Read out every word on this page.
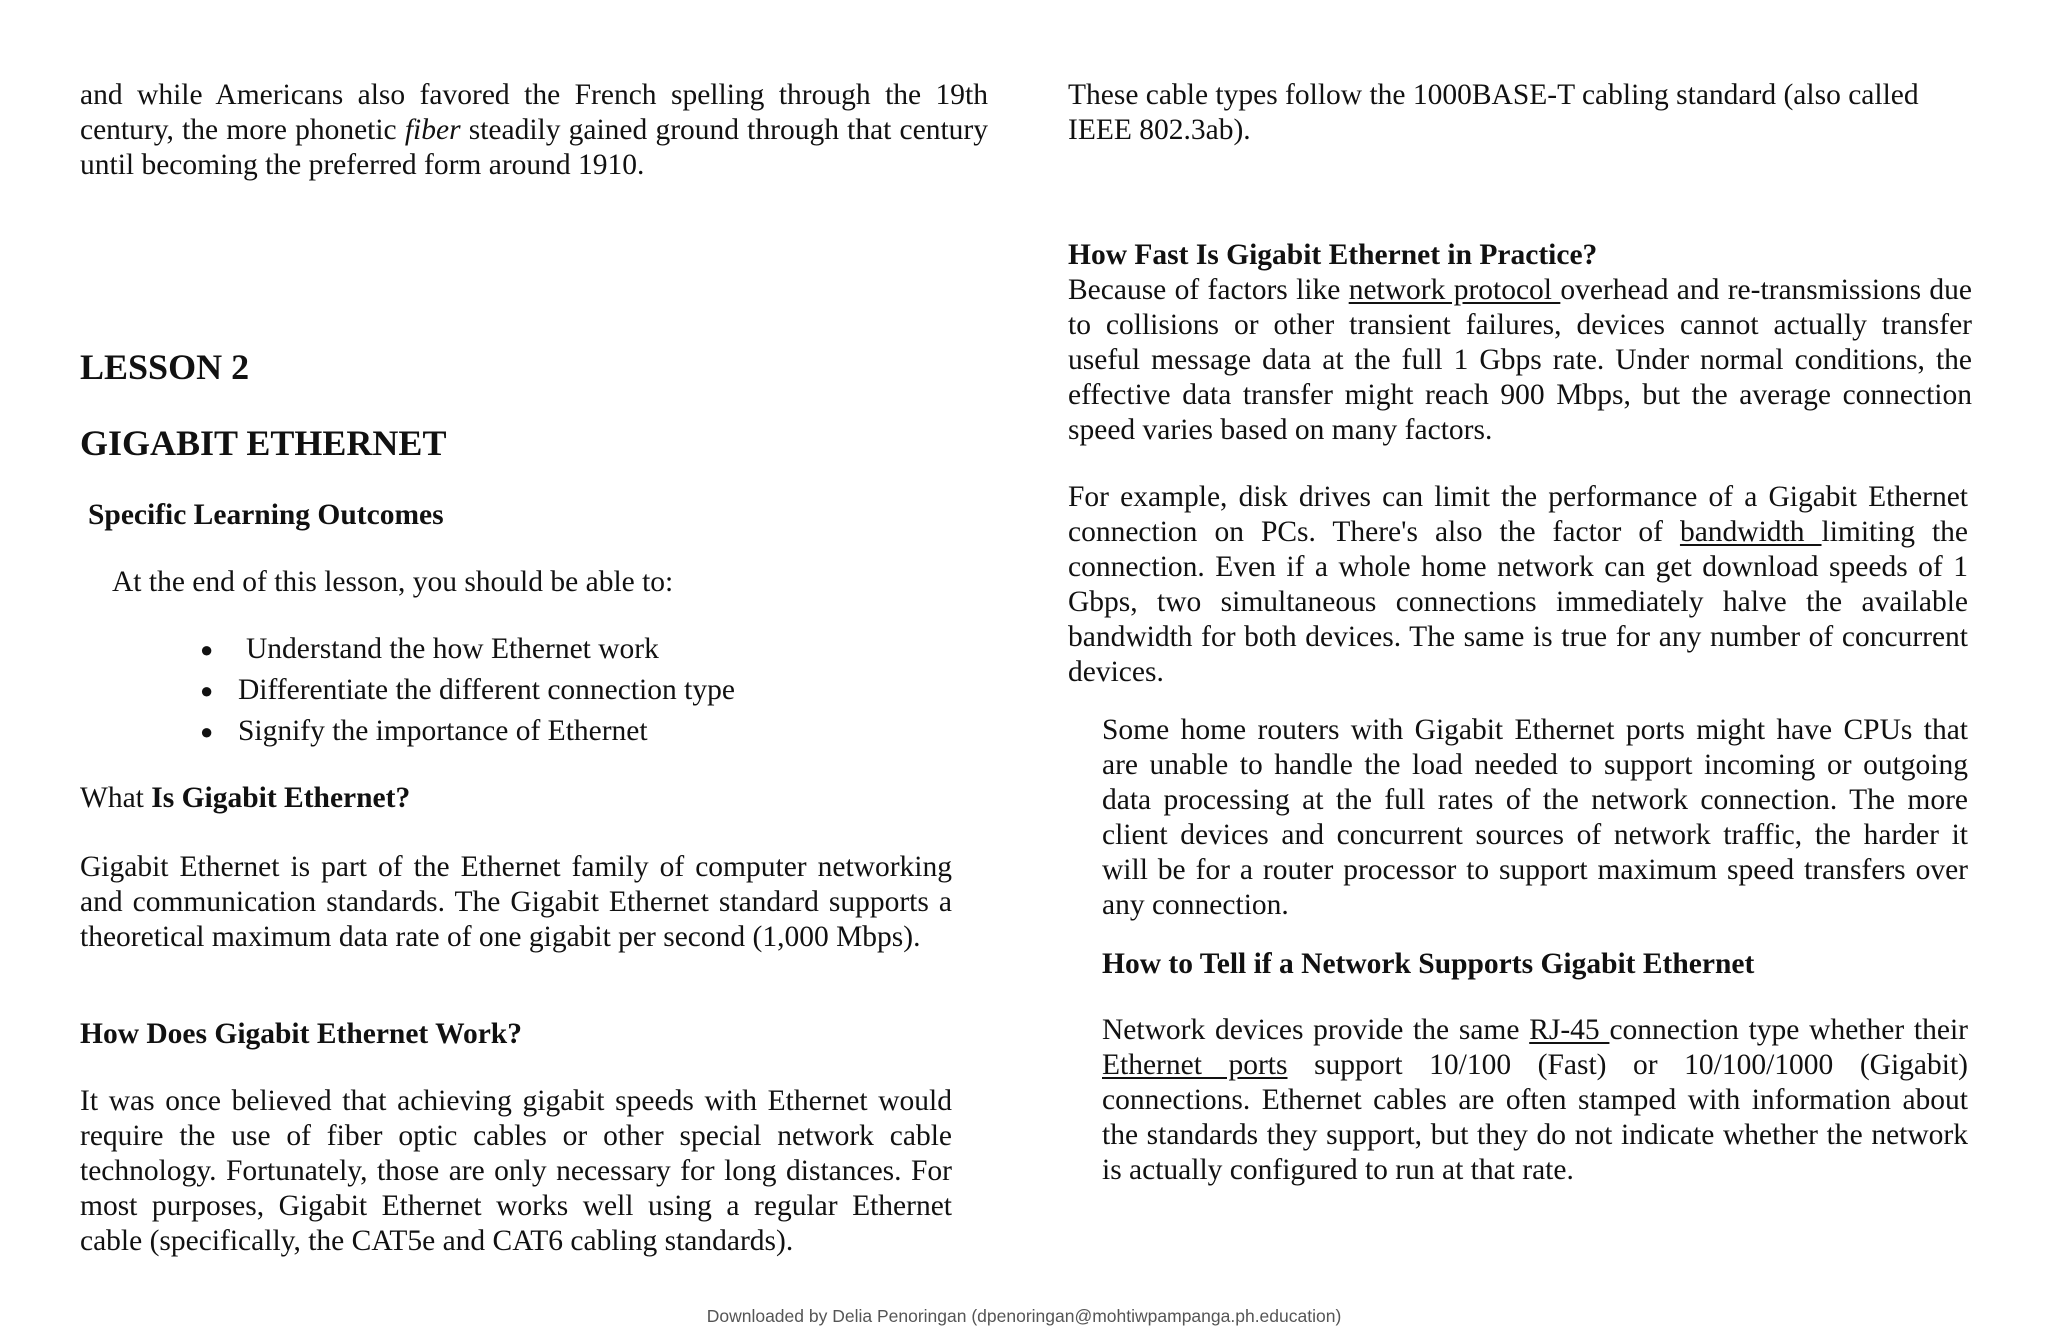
and while Americans also favored the French spelling through the 19th century, the more phonetic fiber steadily gained ground through that century until becoming the preferred form around 1910.

LESSON 2
GIGABIT ETHERNET
Specific Learning Outcomes

At the end of this lesson, you should be able to:

● Understand the how Ethernet work
● Differentiate the different connection type
● Signify the importance of Ethernet

What Is Gigabit Ethernet?

Gigabit Ethernet is part of the Ethernet family of computer networking and communication standards. The Gigabit Ethernet standard supports a theoretical maximum data rate of one gigabit per second (1,000 Mbps).

How Does Gigabit Ethernet Work?

It was once believed that achieving gigabit speeds with Ethernet would require the use of fiber optic cables or other special network cable technology. Fortunately, those are only necessary for long distances. For most purposes, Gigabit Ethernet works well using a regular Ethernet cable (specifically, the CAT5e and CAT6 cabling standards).

These cable types follow the 1000BASE-T cabling standard (also called IEEE 802.3ab).

How Fast Is Gigabit Ethernet in Practice?

Because of factors like network protocol overhead and re-transmissions due to collisions or other transient failures, devices cannot actually transfer useful message data at the full 1 Gbps rate. Under normal conditions, the effective data transfer might reach 900 Mbps, but the average connection speed varies based on many factors.

For example, disk drives can limit the performance of a Gigabit Ethernet connection on PCs. There's also the factor of bandwidth limiting the connection. Even if a whole home network can get download speeds of 1 Gbps, two simultaneous connections immediately halve the available bandwidth for both devices. The same is true for any number of concurrent devices.

Some home routers with Gigabit Ethernet ports might have CPUs that are unable to handle the load needed to support incoming or outgoing data processing at the full rates of the network connection. The more client devices and concurrent sources of network traffic, the harder it will be for a router processor to support maximum speed transfers over any connection.

How to Tell if a Network Supports Gigabit Ethernet

Network devices provide the same RJ-45 connection type whether their Ethernet ports support 10/100 (Fast) or 10/100/1000 (Gigabit) connections. Ethernet cables are often stamped with information about the standards they support, but they do not indicate whether the network is actually configured to run at that rate.

Downloaded by Delia Penoringan (dpenoringan@mohtiwpampanga.ph.education)
